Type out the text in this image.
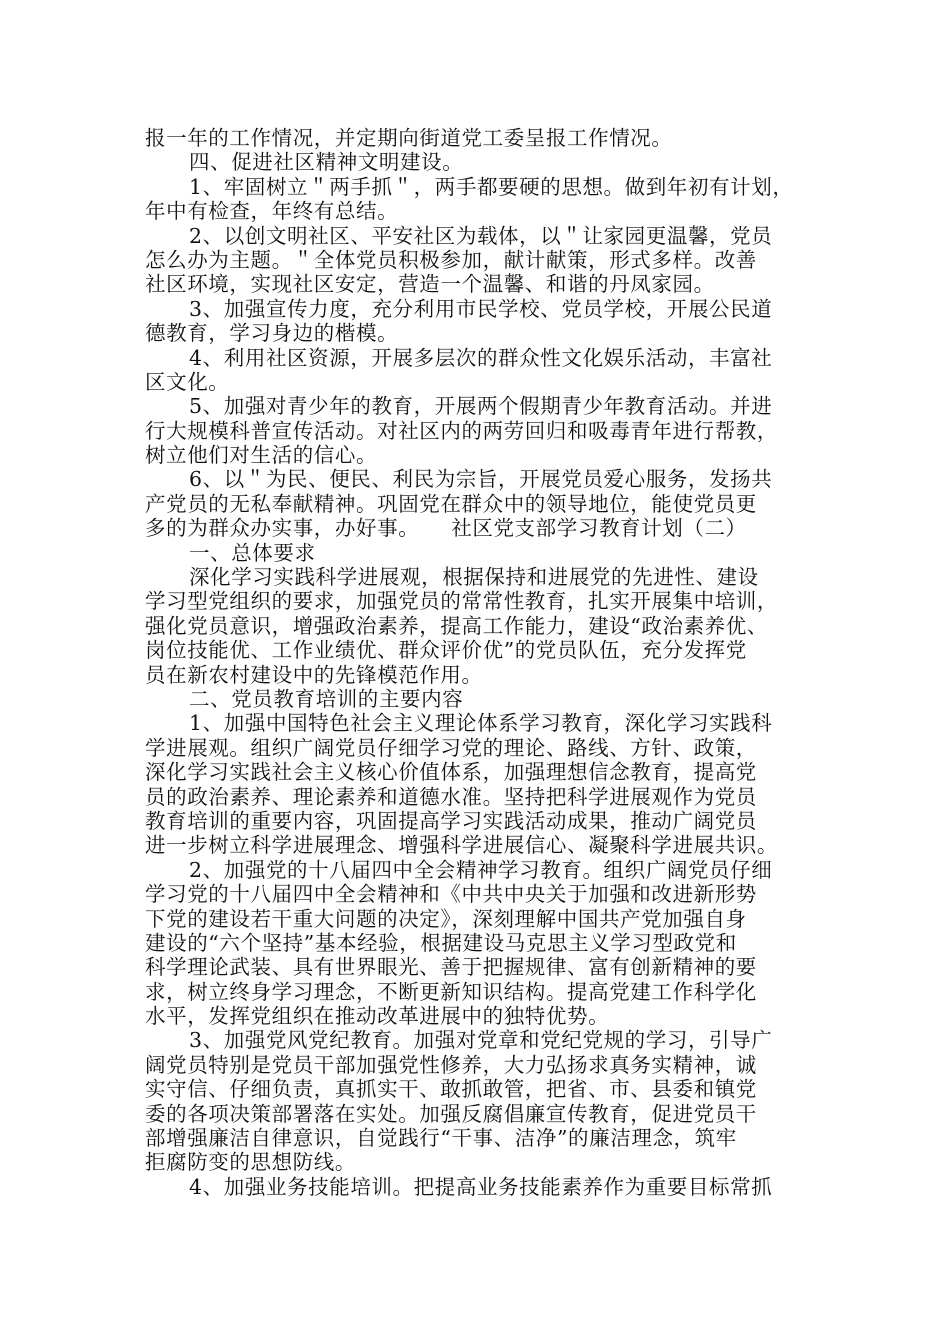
报一年的工作情况，并定期向街道党工委呈报工作情况。
四、促进社区精神文明建设。
1、牢固树立＂两手抓＂，两手都要硬的思想。做到年初有计划，
年中有检查，年终有总结。
2、以创文明社区、平安社区为载体，以＂让家园更温馨，党员
怎么办为主题。＂全体党员积极参加，献计献策，形式多样。改善
社区环境，实现社区安定，营造一个温馨、和谐的丹凤家园。
3、加强宣传力度，充分利用市民学校、党员学校，开展公民道
德教育，学习身边的楷模。
4、利用社区资源，开展多层次的群众性文化娱乐活动，丰富社
区文化。
5、加强对青少年的教育，开展两个假期青少年教育活动。并进
行大规模科普宣传活动。对社区内的两劳回归和吸毒青年进行帮教，
树立他们对生活的信心。
6、以＂为民、便民、利民为宗旨，开展党员爱心服务，发扬共
产党员的无私奉献精神。巩固党在群众中的领导地位，能使党员更
多的为群众办实事，办好事。　　社区党支部学习教育计划（二）
一、总体要求
深化学习实践科学进展观，根据保持和进展党的先进性、建设
学习型党组织的要求，加强党员的常常性教育，扎实开展集中培训，
强化党员意识，增强政治素养，提高工作能力，建设“政治素养优、
岗位技能优、工作业绩优、群众评价优”的党员队伍，充分发挥党
员在新农村建设中的先锋模范作用。
二、党员教育培训的主要内容
1、加强中国特色社会主义理论体系学习教育，深化学习实践科
学进展观。组织广阔党员仔细学习党的理论、路线、方针、政策，
深化学习实践社会主义核心价值体系，加强理想信念教育，提高党
员的政治素养、理论素养和道德水准。坚持把科学进展观作为党员
教育培训的重要内容，巩固提高学习实践活动成果，推动广阔党员
进一步树立科学进展理念、增强科学进展信心、凝聚科学进展共识。
2、加强党的十八届四中全会精神学习教育。组织广阔党员仔细
学习党的十八届四中全会精神和《中共中央关于加强和改进新形势
下党的建设若干重大问题的决定》，深刻理解中国共产党加强自身
建设的“六个坚持”基本经验，根据建设马克思主义学习型政党和
科学理论武装、具有世界眼光、善于把握规律、富有创新精神的要
求，树立终身学习理念，不断更新知识结构。提高党建工作科学化
水平，发挥党组织在推动改革进展中的独特优势。
3、加强党风党纪教育。加强对党章和党纪党规的学习，引导广
阔党员特别是党员干部加强党性修养，大力弘扬求真务实精神，诚
实守信、仔细负责，真抓实干、敢抓敢管，把省、市、县委和镇党
委的各项决策部署落在实处。加强反腐倡廉宣传教育，促进党员干
部增强廉洁自律意识，自觉践行“干事、洁净”的廉洁理念，筑牢
拒腐防变的思想防线。
4、加强业务技能培训。把提高业务技能素养作为重要目标常抓
